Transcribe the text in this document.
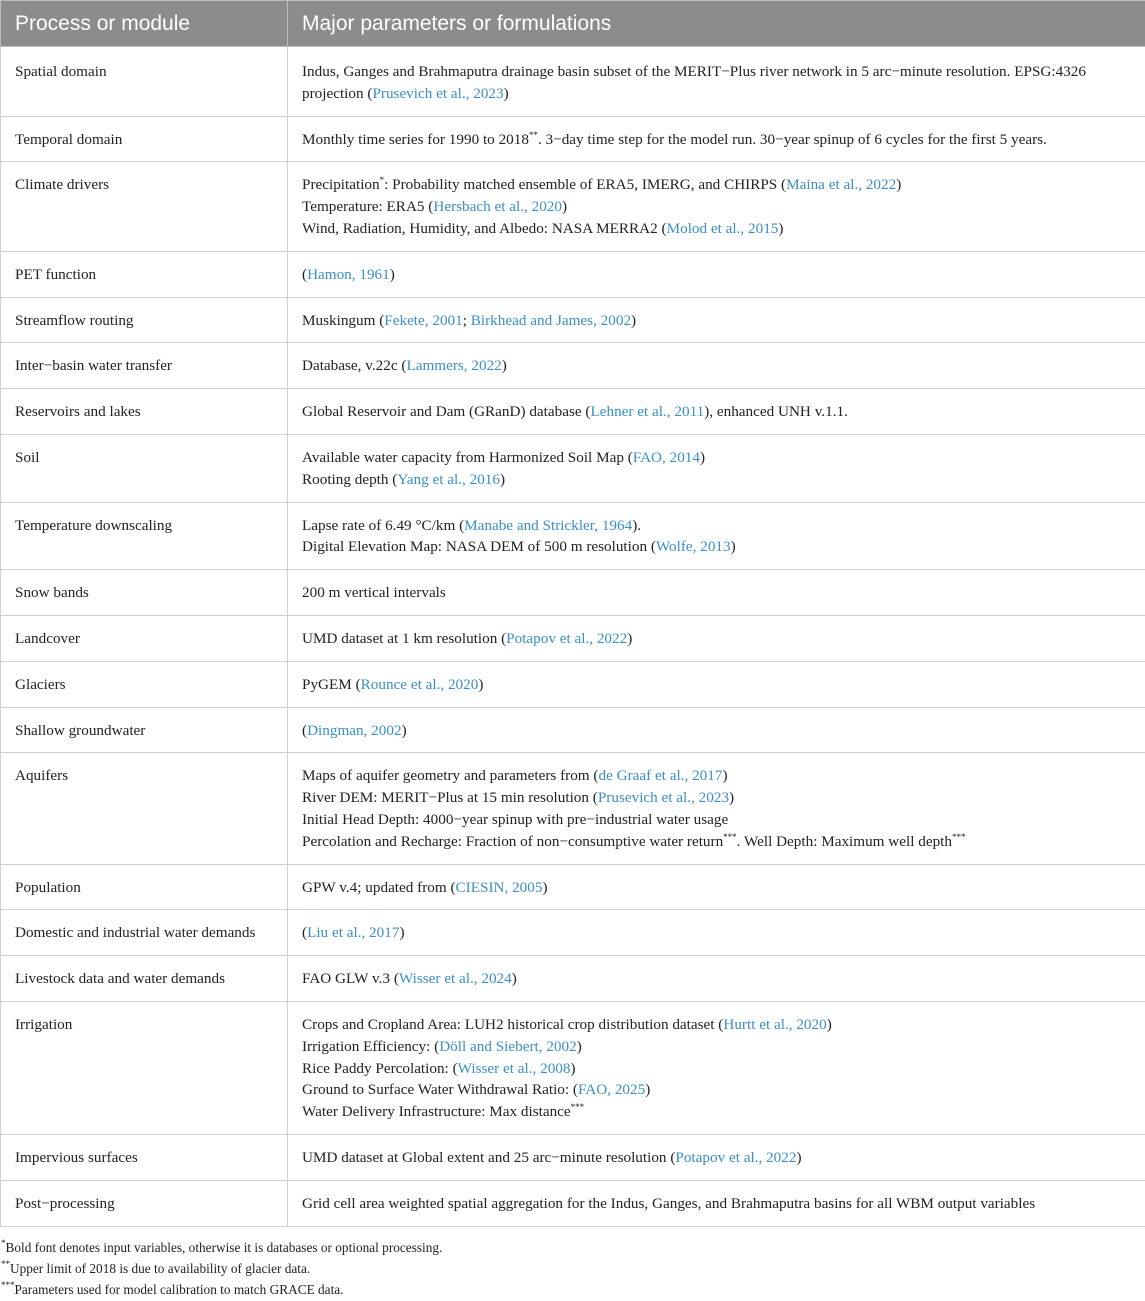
Process or module	Major parameters or formulations
Spatial domain	Indus, Ganges and Brahmaputra drainage basin subset of the MERIT−Plus river network in 5 arc−minute resolution. EPSG:4326
projection (Prusevich et al., 2023)

Temporal domain	Monthly time series for 1990 to 2018**. 3−day time step for the model run. 30−year spinup of 6 cycles for the first 5 years.

Climate drivers	Precipitation*: Probability matched ensemble of ERA5, IMERG, and CHIRPS (Maina et al., 2022)
Temperature: ERA5 (Hersbach et al., 2020)
Wind, Radiation, Humidity, and Albedo: NASA MERRA2 (Molod et al., 2015)

PET function	(Hamon, 1961)

Streamflow routing	Muskingum (Fekete, 2001; Birkhead and James, 2002)

Inter−basin water transfer	Database, v.22c (Lammers, 2022)

Reservoirs and lakes	Global Reservoir and Dam (GRanD) database (Lehner et al., 2011), enhanced UNH v.1.1.

Soil	Available water capacity from Harmonized Soil Map (FAO, 2014)
Rooting depth (Yang et al., 2016)

Temperature downscaling	Lapse rate of 6.49 °C/km (Manabe and Strickler, 1964).
Digital Elevation Map: NASA DEM of 500 m resolution (Wolfe, 2013)

Snow bands	200 m vertical intervals

Landcover	UMD dataset at 1 km resolution (Potapov et al., 2022)

Glaciers	PyGEM (Rounce et al., 2020)

Shallow groundwater	(Dingman, 2002)

Aquifers	Maps of aquifer geometry and parameters from (de Graaf et al., 2017)
River DEM: MERIT−Plus at 15 min resolution (Prusevich et al., 2023)
Initial Head Depth: 4000−year spinup with pre−industrial water usage
Percolation and Recharge: Fraction of non−consumptive water return***. Well Depth: Maximum well depth***

Population	GPW v.4; updated from (CIESIN, 2005)

Domestic and industrial water demands	(Liu et al., 2017)

Livestock data and water demands	FAO GLW v.3 (Wisser et al., 2024)

Irrigation	Crops and Cropland Area: LUH2 historical crop distribution dataset (Hurtt et al., 2020)
Irrigation Efficiency: (Döll and Siebert, 2002)
Rice Paddy Percolation: (Wisser et al., 2008)
Ground to Surface Water Withdrawal Ratio: (FAO, 2025)
Water Delivery Infrastructure: Max distance***

Impervious surfaces	UMD dataset at Global extent and 25 arc−minute resolution (Potapov et al., 2022)

Post−processing	Grid cell area weighted spatial aggregation for the Indus, Ganges, and Brahmaputra basins for all WBM output variables
*Bold font denotes input variables, otherwise it is databases or optional processing.
**Upper limit of 2018 is due to availability of glacier data.
***Parameters used for model calibration to match GRACE data.
